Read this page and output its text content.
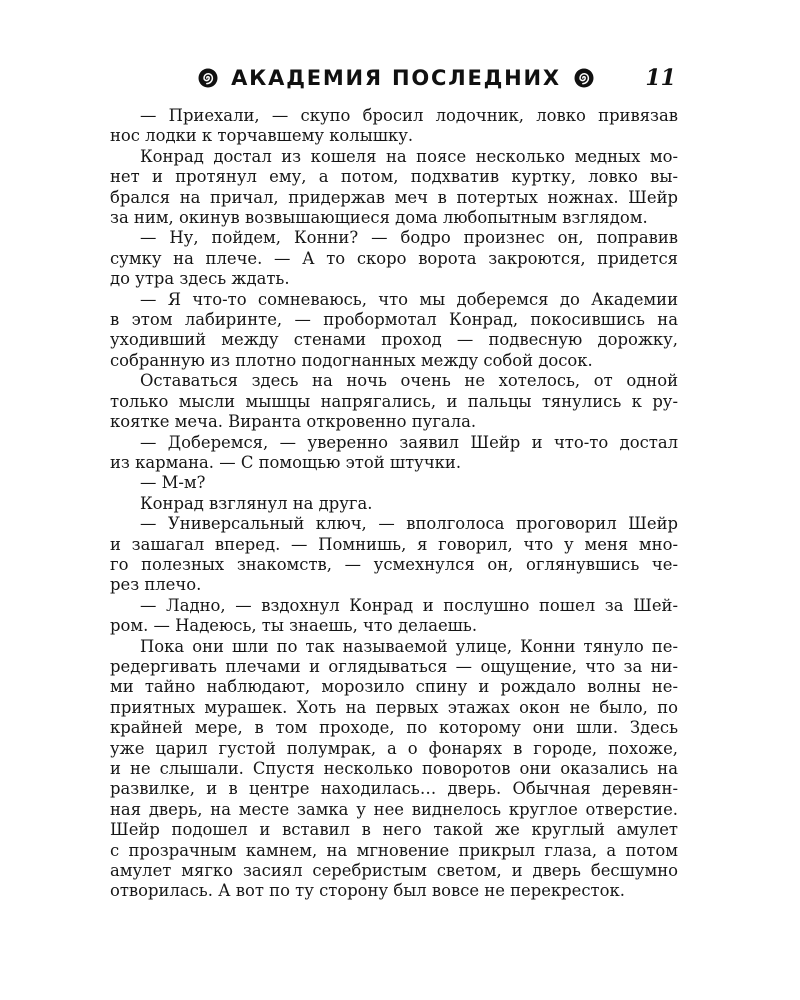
АКАДЕМИЯ ПОСЛЕДНИХ	11

— Приехали, — скупо бросил лодочник, ловко привязав
нос лодки к торчавшему колышку.

Конрад достал из кошеля на поясе несколько медных мо-
нет и протянул ему, а потом, подхватив куртку, ловко вы-
брался на причал, придержав меч в потертых ножнах. Шейр
за ним, окинув возвышающиеся дома любопытным взглядом.

— Ну, пойдем, Конни? — бодро произнес он, поправив
сумку на плече. — А то скоро ворота закроются, придется
до утра здесь ждать.

— Я что-то сомневаюсь, что мы доберемся до Академии
в этом лабиринте, — пробормотал Конрад, покосившись на
уходивший между стенами проход — подвесную дорожку,
собранную из плотно подогнанных между собой досок.

Оставаться здесь на ночь очень не хотелось, от одной
только мысли мышцы напрягались, и пальцы тянулись к ру-
коятке меча. Виранта откровенно пугала.

— Доберемся, — уверенно заявил Шейр и что-то достал
из кармана. — С помощью этой штучки.

— М-м?

Конрад взглянул на друга.

— Универсальный ключ, — вполголоса проговорил Шейр
и зашагал вперед. — Помнишь, я говорил, что у меня мно-
го полезных знакомств, — усмехнулся он, оглянувшись че-
рез плечо.

— Ладно, — вздохнул Конрад и послушно пошел за Шей-
ром. — Надеюсь, ты знаешь, что делаешь.

Пока они шли по так называемой улице, Конни тянуло пе-
редергивать плечами и оглядываться — ощущение, что за ни-
ми тайно наблюдают, морозило спину и рождало волны не-
приятных мурашек. Хоть на первых этажах окон не было, по
крайней мере, в том проходе, по которому они шли. Здесь
уже царил густой полумрак, а о фонарях в городе, похоже,
и не слышали. Спустя несколько поворотов они оказались на
развилке, и в центре находилась… дверь. Обычная деревян-
ная дверь, на месте замка у нее виднелось круглое отверстие.
Шейр подошел и вставил в него такой же круглый амулет
с прозрачным камнем, на мгновение прикрыл глаза, а потом
амулет мягко засиял серебристым светом, и дверь бесшумно
отворилась. А вот по ту сторону был вовсе не перекресток.
